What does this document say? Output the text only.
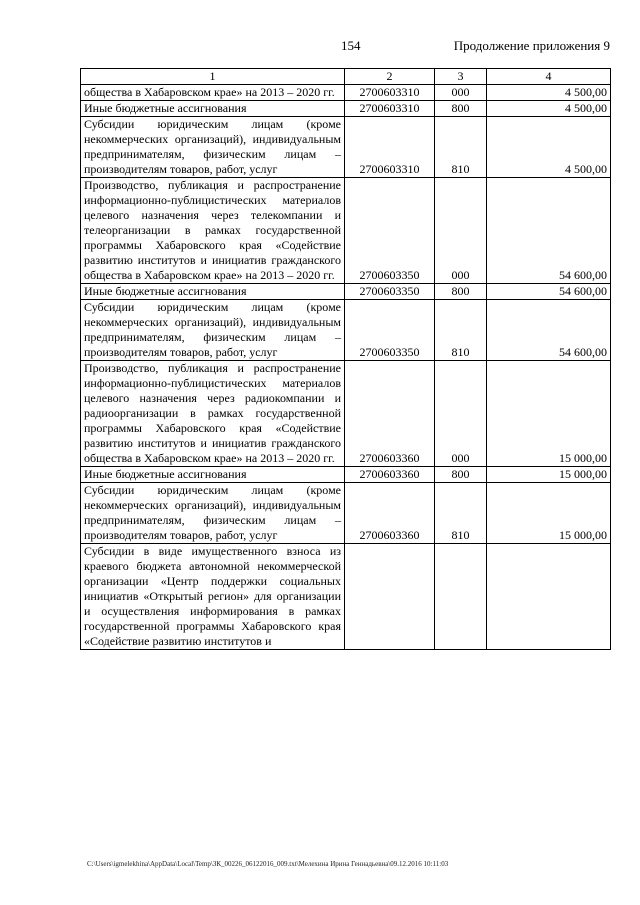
154	Продолжение приложения 9
1	2	3	4
общества в Хабаровском крае» на 2013 – 2020 гг.	2700603310	000	4 500,00
Иные бюджетные ассигнования	2700603310	800	4 500,00
Субсидии юридическим лицам (кроме некоммерческих организаций), индивидуальным предпринимателям, физическим лицам – производителям товаров, работ, услуг	2700603310	810	4 500,00
Производство, публикация и распространение информационно-публицистических материалов целевого назначения через телекомпании и телеорганизации в рамках государственной программы Хабаровского края «Содействие развитию институтов и инициатив гражданского общества в Хабаровском крае» на 2013 – 2020 гг.	2700603350	000	54 600,00
Иные бюджетные ассигнования	2700603350	800	54 600,00
Субсидии юридическим лицам (кроме некоммерческих организаций), индивидуальным предпринимателям, физическим лицам – производителям товаров, работ, услуг	2700603350	810	54 600,00
Производство, публикация и распространение информационно-публицистических материалов целевого назначения через радиокомпании и радиоорганизации в рамках государственной программы Хабаровского края «Содействие развитию институтов и инициатив гражданского общества в Хабаровском крае» на 2013 – 2020 гг.	2700603360	000	15 000,00
Иные бюджетные ассигнования	2700603360	800	15 000,00
Субсидии юридическим лицам (кроме некоммерческих организаций), индивидуальным предпринимателям, физическим лицам – производителям товаров, работ, услуг	2700603360	810	15 000,00
Субсидии в виде имущественного взноса из краевого бюджета автономной некоммерческой организации «Центр поддержки социальных инициатив «Открытый регион» для организации и осуществления информирования в рамках государственной программы Хабаровского края «Содействие развитию институтов и			
C:\Users\igmelekhina\AppData\Local\Temp\ЗК_00226_06122016_009.txt\Мелехина Ирина Геннадьевна\09.12.2016 10:11:03
